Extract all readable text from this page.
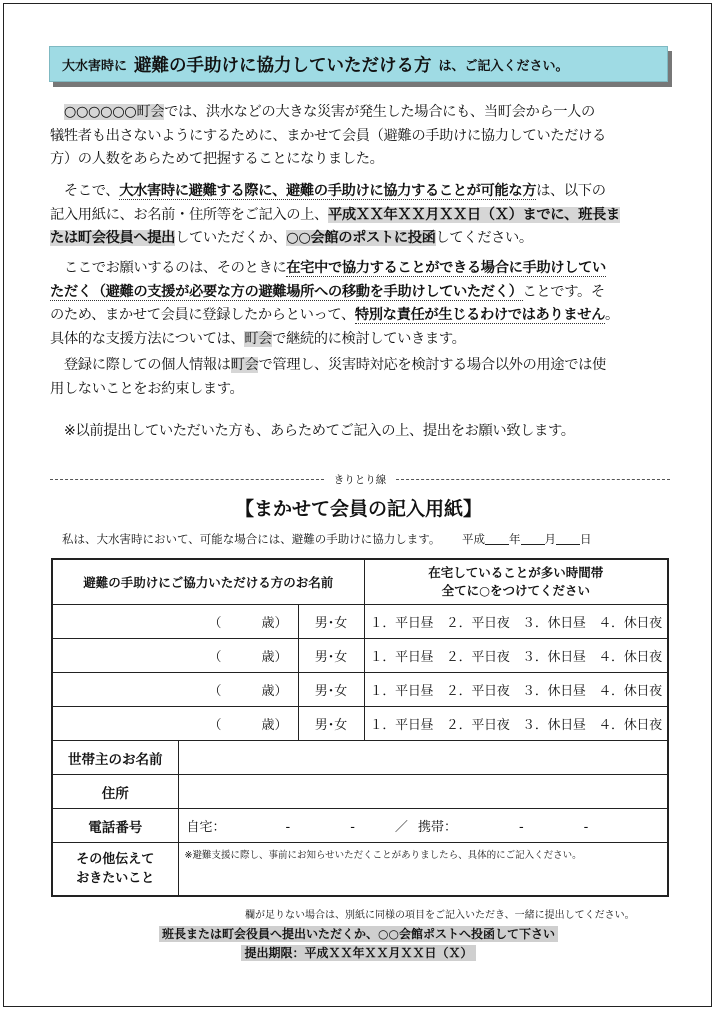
大水害時に 避難の手助けに協力していただける方 は、ご記入ください。
　○○○○○○町会では、洪水などの大きな災害が発生した場合にも、当町会から一人の
犠牲者も出さないようにするために、まかせて会員（避難の手助けに協力していただける
方）の人数をあらためて把握することになりました。
　そこで、大水害時に避難する際に、避難の手助けに協力することが可能な方は、以下の
記入用紙に、お名前・住所等をご記入の上、平成ＸＸ年ＸＸ月ＸＸ日（Ｘ）までに、班長ま
たは町会役員へ提出していただくか、○○会館のポストに投函してください。
　ここでお願いするのは、そのときに在宅中で協力することができる場合に手助けしてい
ただく（避難の支援が必要な方の避難場所への移動を手助けしていただく）ことです。そ
のため、まかせて会員に登録したからといって、特別な責任が生じるわけではありません。
具体的な支援方法については、町会で継続的に検討していきます。
　登録に際しての個人情報は町会で管理し、災害時対応を検討する場合以外の用途では使
用しないことをお約束します。
　※以前提出していただいた方も、あらためてご記入の上、提出をお願い致します。
きりとり線
【まかせて会員の記入用紙】
私は、大水害時において、可能な場合には、避難の手助けに協力します。 平成 年 月 日
避難の手助けにご協力いただける方のお名前			在宅していることが多い時間帯
全てに○をつけてください

（ 歳）		男･女	１．平日昼　２．平日夜　３．休日昼　４．休日夜
（ 歳）		男･女	１．平日昼　２．平日夜　３．休日昼　４．休日夜
（ 歳）		男･女	１．平日昼　２．平日夜　３．休日昼　４．休日夜
（ 歳）		男･女	１．平日昼　２．平日夜　３．休日昼　４．休日夜
世帯主のお名前			
住所			
電話番号	自宅： - - ／ 携帯： - -		

その他伝えて
おきたいこと	※避難支援に際し、事前にお知らせいただくことがありましたら、具体的にご記入ください。		
欄が足りない場合は、別紙に同様の項目をご記入いただき、一緒に提出してください。
班長または町会役員へ提出いただくか、○○会館ポストへ投函して下さい
提出期限：平成ＸＸ年ＸＸ月ＸＸ日（Ｘ）
